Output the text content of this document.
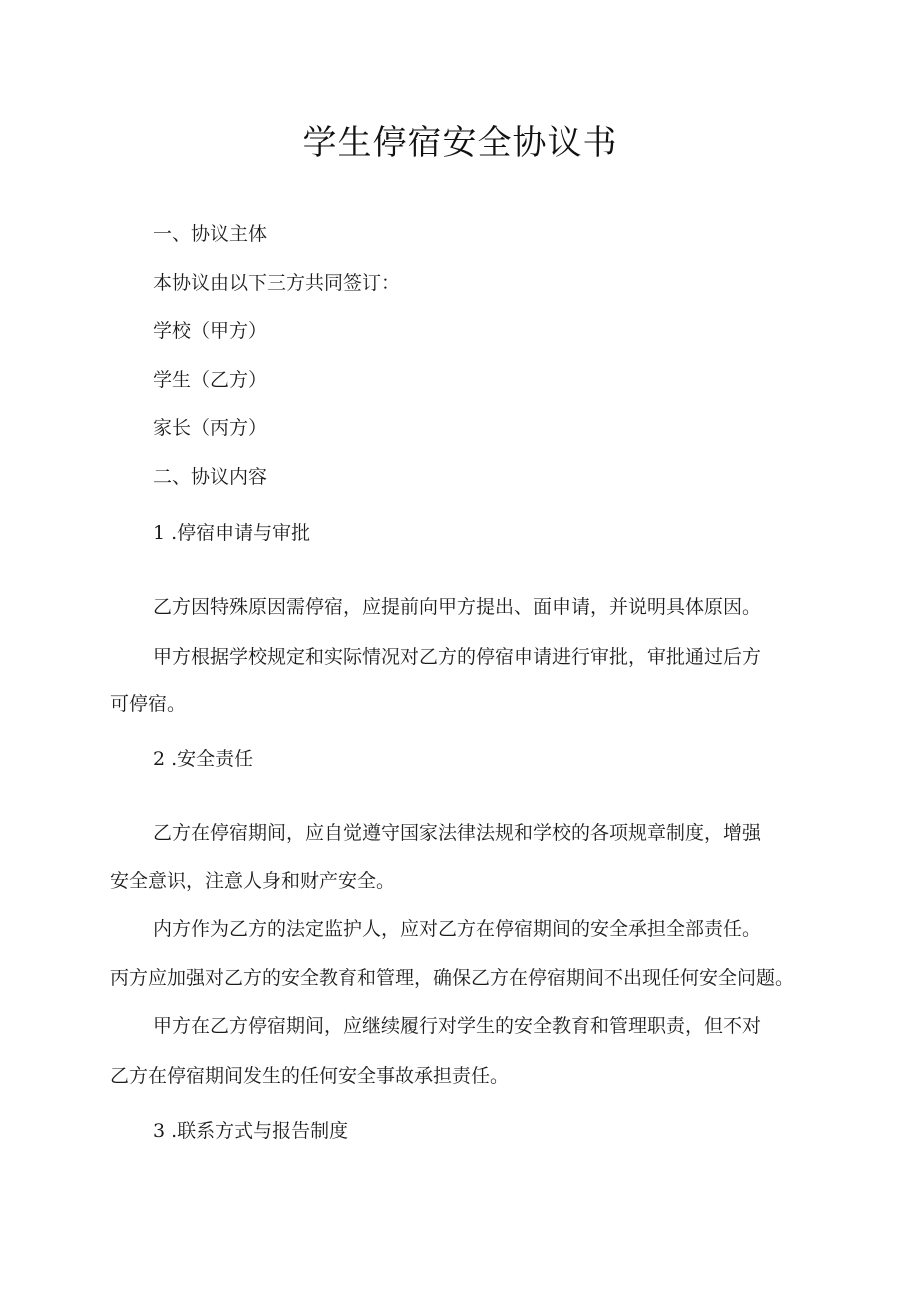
学生停宿安全协议书

一、协议主体

本协议由以下三方共同签订：

学校（甲方）

学生（乙方）

家长（丙方）

二、协议内容

1 .停宿申请与审批

乙方因特殊原因需停宿，应提前向甲方提出、面申请，并说明具体原因。

甲方根据学校规定和实际情况对乙方的停宿申请进行审批，审批通过后方

可停宿。

2 .安全责任

乙方在停宿期间，应自觉遵守国家法律法规和学校的各项规章制度，增强

安全意识，注意人身和财产安全。

内方作为乙方的法定监护人，应对乙方在停宿期间的安全承担全部责任。

丙方应加强对乙方的安全教育和管理，确保乙方在停宿期间不出现任何安全问题。

甲方在乙方停宿期间，应继续履行对学生的安全教育和管理职责，但不对

乙方在停宿期间发生的任何安全事故承担责任。

3 .联系方式与报告制度
